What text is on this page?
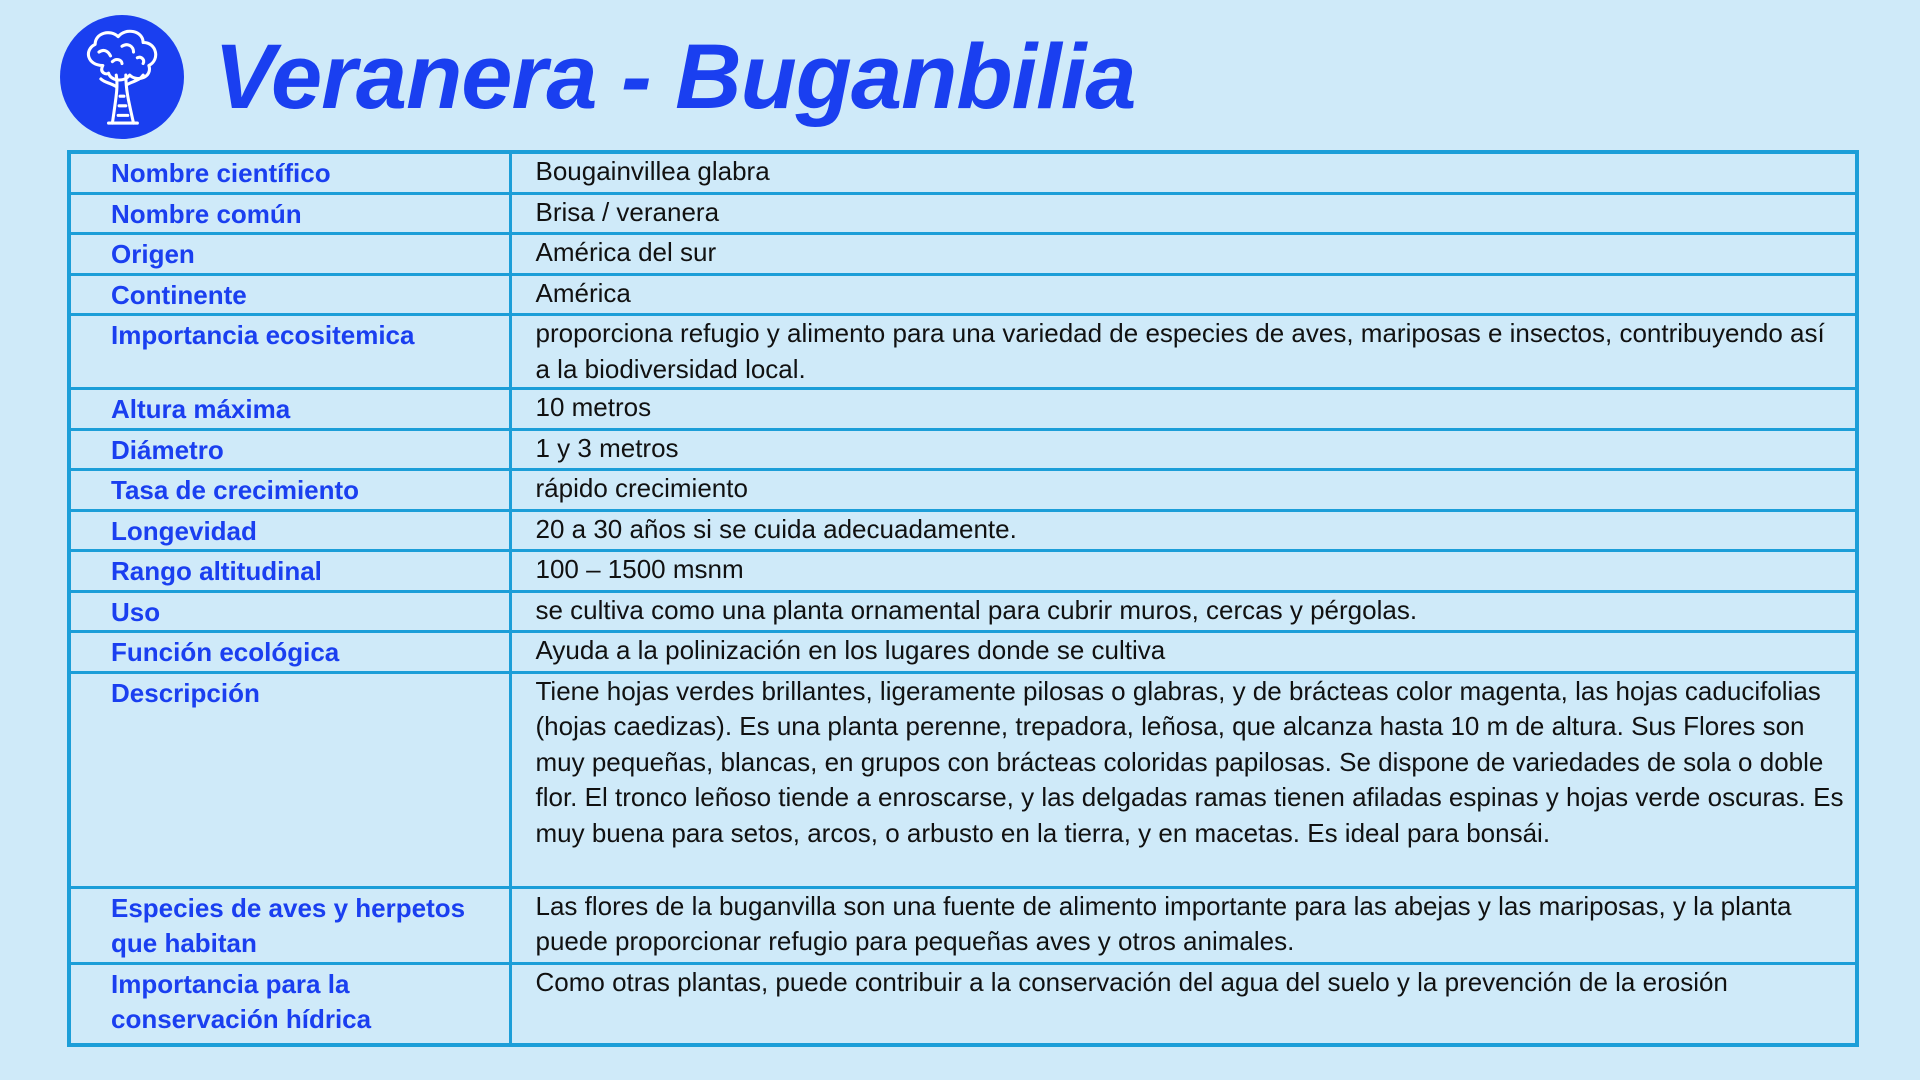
Veranera - Buganbilia
Nombre científico	Bougainvillea glabra
Nombre común	Brisa / veranera
Origen	América del sur
Continente	América
Importancia ecositemica	proporciona refugio y alimento para una variedad de especies de aves, mariposas e insectos, contribuyendo así a la biodiversidad local.
Altura máxima	10 metros
Diámetro	1 y 3 metros
Tasa de crecimiento	rápido crecimiento
Longevidad	20 a 30 años si se cuida adecuadamente.
Rango altitudinal	100 – 1500 msnm
Uso	se cultiva como una planta ornamental para cubrir muros, cercas y pérgolas.
Función ecológica	Ayuda a la polinización en los lugares donde se cultiva
Descripción	Tiene hojas verdes brillantes, ligeramente pilosas o glabras, y de brácteas color magenta, las hojas caducifolias (hojas caedizas). Es una planta perenne, trepadora, leñosa, que alcanza hasta 10 m de altura. Sus Flores son muy pequeñas, blancas, en grupos con brácteas coloridas papilosas. Se dispone de variedades de sola o doble flor. El tronco leñoso tiende a enroscarse, y las delgadas ramas tienen afiladas espinas y hojas verde oscuras. Es muy buena para setos, arcos, o arbusto en la tierra, y en macetas. Es ideal para bonsái.
Especies de aves y herpetos que habitan	Las flores de la buganvilla son una fuente de alimento importante para las abejas y las mariposas, y la planta puede proporcionar refugio para pequeñas aves y otros animales.
Importancia para la conservación hídrica	Como otras plantas, puede contribuir a la conservación del agua del suelo y la prevención de la erosión
